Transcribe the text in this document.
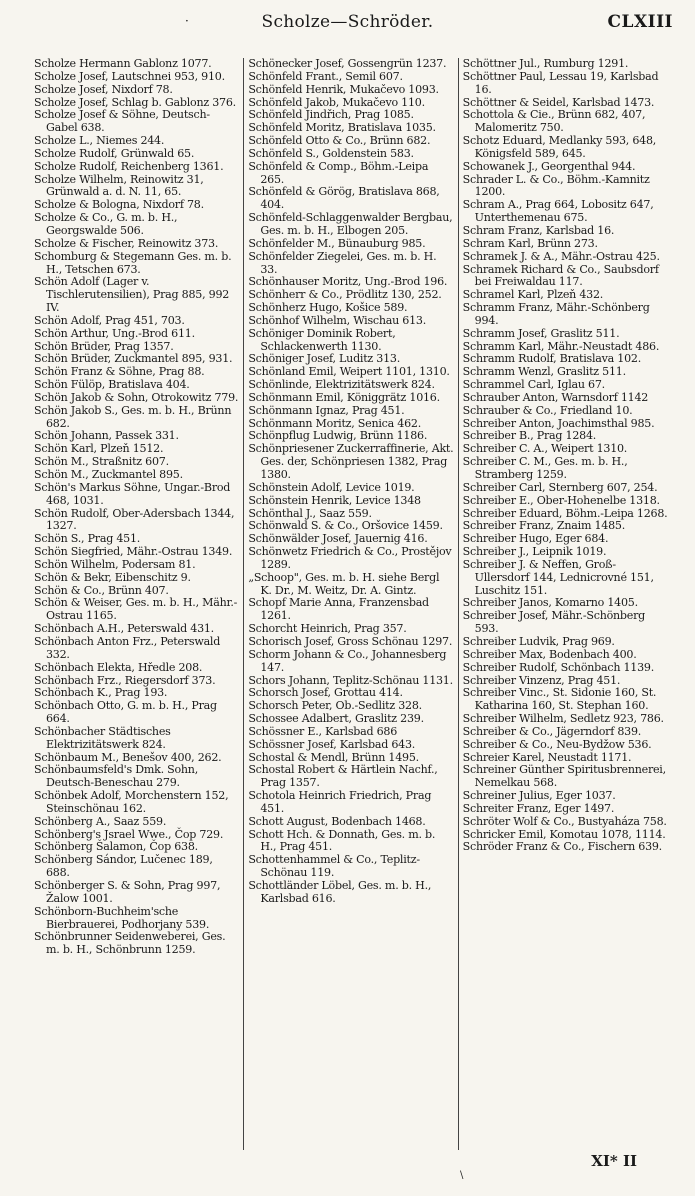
·	Scholze—Schröder.	CLXIII
Scholze Hermann Gablonz 1077.
Scholze Josef, Lautschnei 953, 910.
Scholze Josef, Nixdorf 78.
Scholze Josef, Schlag b. Gablonz 376.
Scholze Josef & Söhne, Deutsch-Gabel 638.
Scholze L., Niemes 244.
Scholze Rudolf, Grünwald 65.
Scholze Rudolf, Reichenberg 1361.
Scholze Wilhelm, Reinowitz 31, Grünwald a. d. N. 11, 65.
Scholze & Bologna, Nixdorf 78.
Scholze & Co., G. m. b. H., Georgswalde 506.
Scholze & Fischer, Reinowitz 373.
Schomburg & Stegemann Ges. m. b. H., Tetschen 673.
Schön Adolf (Lager v. Tischlerutensilien), Prag 885, 992 IV.
Schön Adolf, Prag 451, 703.
Schön Arthur, Ung.-Brod 611.
Schön Brüder, Prag 1357.
Schön Brüder, Zuckmantel 895, 931.
Schön Franz & Söhne, Prag 88.
Schön Fülöp, Bratislava 404.
Schön Jakob & Sohn, Otrokowitz 779.
Schön Jakob S., Ges. m. b. H., Brünn 682.
Schön Johann, Passek 331.
Schön Karl, Plzeň 1512.
Schön M., Straßnitz 607.
Schön M., Zuckmantel 895.
Schön's Markus Söhne, Ungar.-Brod 468, 1031.
Schön Rudolf, Ober-Adersbach 1344, 1327.
Schön S., Prag 451.
Schön Siegfried, Mähr.-Ostrau 1349.
Schön Wilhelm, Podersam 81.
Schön & Bekr, Eibenschitz 9.
Schön & Co., Brünn 407.
Schön & Weiser, Ges. m. b. H., Mähr.-Ostrau 1165.
Schönbach A.H., Peterswald 431.
Schönbach Anton Frz., Peterswald 332.
Schönbach Elekta, Hředle 208.
Schönbach Frz., Riegersdorf 373.
Schönbach K., Prag 193.
Schönbach Otto, G. m. b. H., Prag 664.
Schönbacher Städtisches Elektrizitätswerk 824.
Schönbaum M., Benešov 400, 262.
Schönbaumsfeld's Dmk. Sohn, Deutsch-Beneschau 279.
Schönbek Adolf, Morchenstern 152, Steinschönau 162.
Schönberg A., Saaz 559.
Schönberg's Jsrael Wwe., Čop 729.
Schönberg Šalamon, Čop 638.
Schönberg Sándor, Lučenec 189, 688.
Schönberger S. & Sohn, Prag 997, Žalow 1001.
Schönborn-Buchheim'sche Bierbrauerei, Podhorjany 539.
Schönbrunner Seidenweberei, Ges. m. b. H., Schönbrunn 1259.
Schönecker Josef, Gossengrün 1237.
Schönfeld Frant., Semil 607.
Schönfeld Henrik, Mukačevo 1093.
Schönfeld Jakob, Mukačevo 110.
Schönfeld Jindřich, Prag 1085.
Schönfeld Moritz, Bratislava 1035.
Schönfeld Otto & Co., Brünn 682.
Schönfeld S., Goldenstein 583.
Schönfeld & Comp., Böhm.-Leipa 265.
Schönfeld & Görög, Bratislava 868, 404.
Schönfeld-Schlaggenwalder Bergbau, Ges. m. b. H., Elbogen 205.
Schönfelder M., Bünauburg 985.
Schönfelder Ziegelei, Ges. m. b. H. 33.
Schönhauser Moritz, Ung.-Brod 196.
Schönherr & Co., Prödlitz 130, 252.
Schönherz Hugo, Košice 589.
Schönhof Wilhelm, Wischau 613.
Schöniger Dominik Robert, Schlackenwerth 1130.
Schöniger Josef, Luditz 313.
Schönland Emil, Weipert 1101, 1310.
Schönlinde, Elektrizitätswerk 824.
Schönmann Emil, Königgrätz 1016.
Schönmann Ignaz, Prag 451.
Schönmann Moritz, Senica 462.
Schönpflug Ludwig, Brünn 1186.
Schönpriesener Zuckerraffinerie, Akt. Ges. der, Schönpriesen 1382, Prag 1380.
Schönstein Adolf, Levice 1019.
Schönstein Henrik, Levice 1348
Schönthal J., Saaz 559.
Schönwald S. & Co., Oršovice 1459.
Schönwälder Josef, Jauernig 416.
Schönwetz Friedrich & Co., Prostějov 1289.
„Schoop", Ges. m. b. H. siehe Bergl K. Dr., M. Weitz, Dr. A. Gintz.
Schopf Marie Anna, Franzensbad 1261.
Schorcht Heinrich, Prag 357.
Schorisch Josef, Gross Schönau 1297.
Schorm Johann & Co., Johannesberg 147.
Schors Johann, Teplitz-Schönau 1131.
Schorsch Josef, Grottau 414.
Schorsch Peter, Ob.-Sedlitz 328.
Schossee Adalbert, Graslitz 239.
Schössner E., Karlsbad 686
Schössner Josef, Karlsbad 643.
Schostal & Mendl, Brünn 1495.
Schostal Robert & Härtlein Nachf., Prag 1357.
Schotola Heinrich Friedrich, Prag 451.
Schott August, Bodenbach 1468.
Schott Hch. & Donnath, Ges. m. b. H., Prag 451.
Schottenhammel & Co., Teplitz-Schönau 119.
Schottländer Löbel, Ges. m. b. H., Karlsbad 616.
Schöttner Jul., Rumburg 1291.
Schöttner Paul, Lessau 19, Karlsbad 16.
Schöttner & Seidel, Karlsbad 1473.
Schottola & Cie., Brünn 682, 407, Malomeritz 750.
Schotz Eduard, Medlanky 593, 648, Königsfeld 589, 645.
Schowanek J., Georgenthal 944.
Schrader L. & Co., Böhm.-Kamnitz 1200.
Schram A., Prag 664, Lobositz 647, Unterthemenau 675.
Schram Franz, Karlsbad 16.
Schram Karl, Brünn 273.
Schramek J. & A., Mähr.-Ostrau 425.
Schramek Richard & Co., Saubsdorf bei Freiwaldau 117.
Schramel Karl, Plzeň 432.
Schramm Franz, Mähr.-Schönberg 994.
Schramm Josef, Graslitz 511.
Schramm Karl, Mähr.-Neustadt 486.
Schramm Rudolf, Bratislava 102.
Schramm Wenzl, Graslitz 511.
Schrammel Carl, Iglau 67.
Schrauber Anton, Warnsdorf 1142
Schrauber & Co., Friedland 10.
Schreiber Anton, Joachimsthal 985.
Schreiber B., Prag 1284.
Schreiber C. A., Weipert 1310.
Schreiber C. M., Ges. m. b. H., Stramberg 1259.
Schreiber Carl, Sternberg 607, 254.
Schreiber E., Ober-Hohenelbe 1318.
Schreiber Eduard, Böhm.-Leipa 1268.
Schreiber Franz, Znaim 1485.
Schreiber Hugo, Eger 684.
Schreiber J., Leipnik 1019.
Schreiber J. & Neffen, Groß-Ullersdorf 144, Lednicrovné 151, Luschitz 151.
Schreiber Janos, Komarno 1405.
Schreiber Josef, Mähr.-Schönberg 593.
Schreiber Ludvik, Prag 969.
Schreiber Max, Bodenbach 400.
Schreiber Rudolf, Schönbach 1139.
Schreiber Vinzenz, Prag 451.
Schreiber Vinc., St. Sidonie 160, St. Katharina 160, St. Stephan 160.
Schreiber Wilhelm, Sedletz 923, 786.
Schreiber & Co., Jägerndorf 839.
Schreiber & Co., Neu-Bydžow 536.
Schreier Karel, Neustadt 1171.
Schreiner Günther Spiritusbrennerei, Nemelkau 568.
Schreiner Julius, Eger 1037.
Schreiter Franz, Eger 1497.
Schröter Wolf & Co., Bustyaháza 758.
Schricker Emil, Komotau 1078, 1114.
Schröder Franz & Co., Fischern 639.
XI* II
\
